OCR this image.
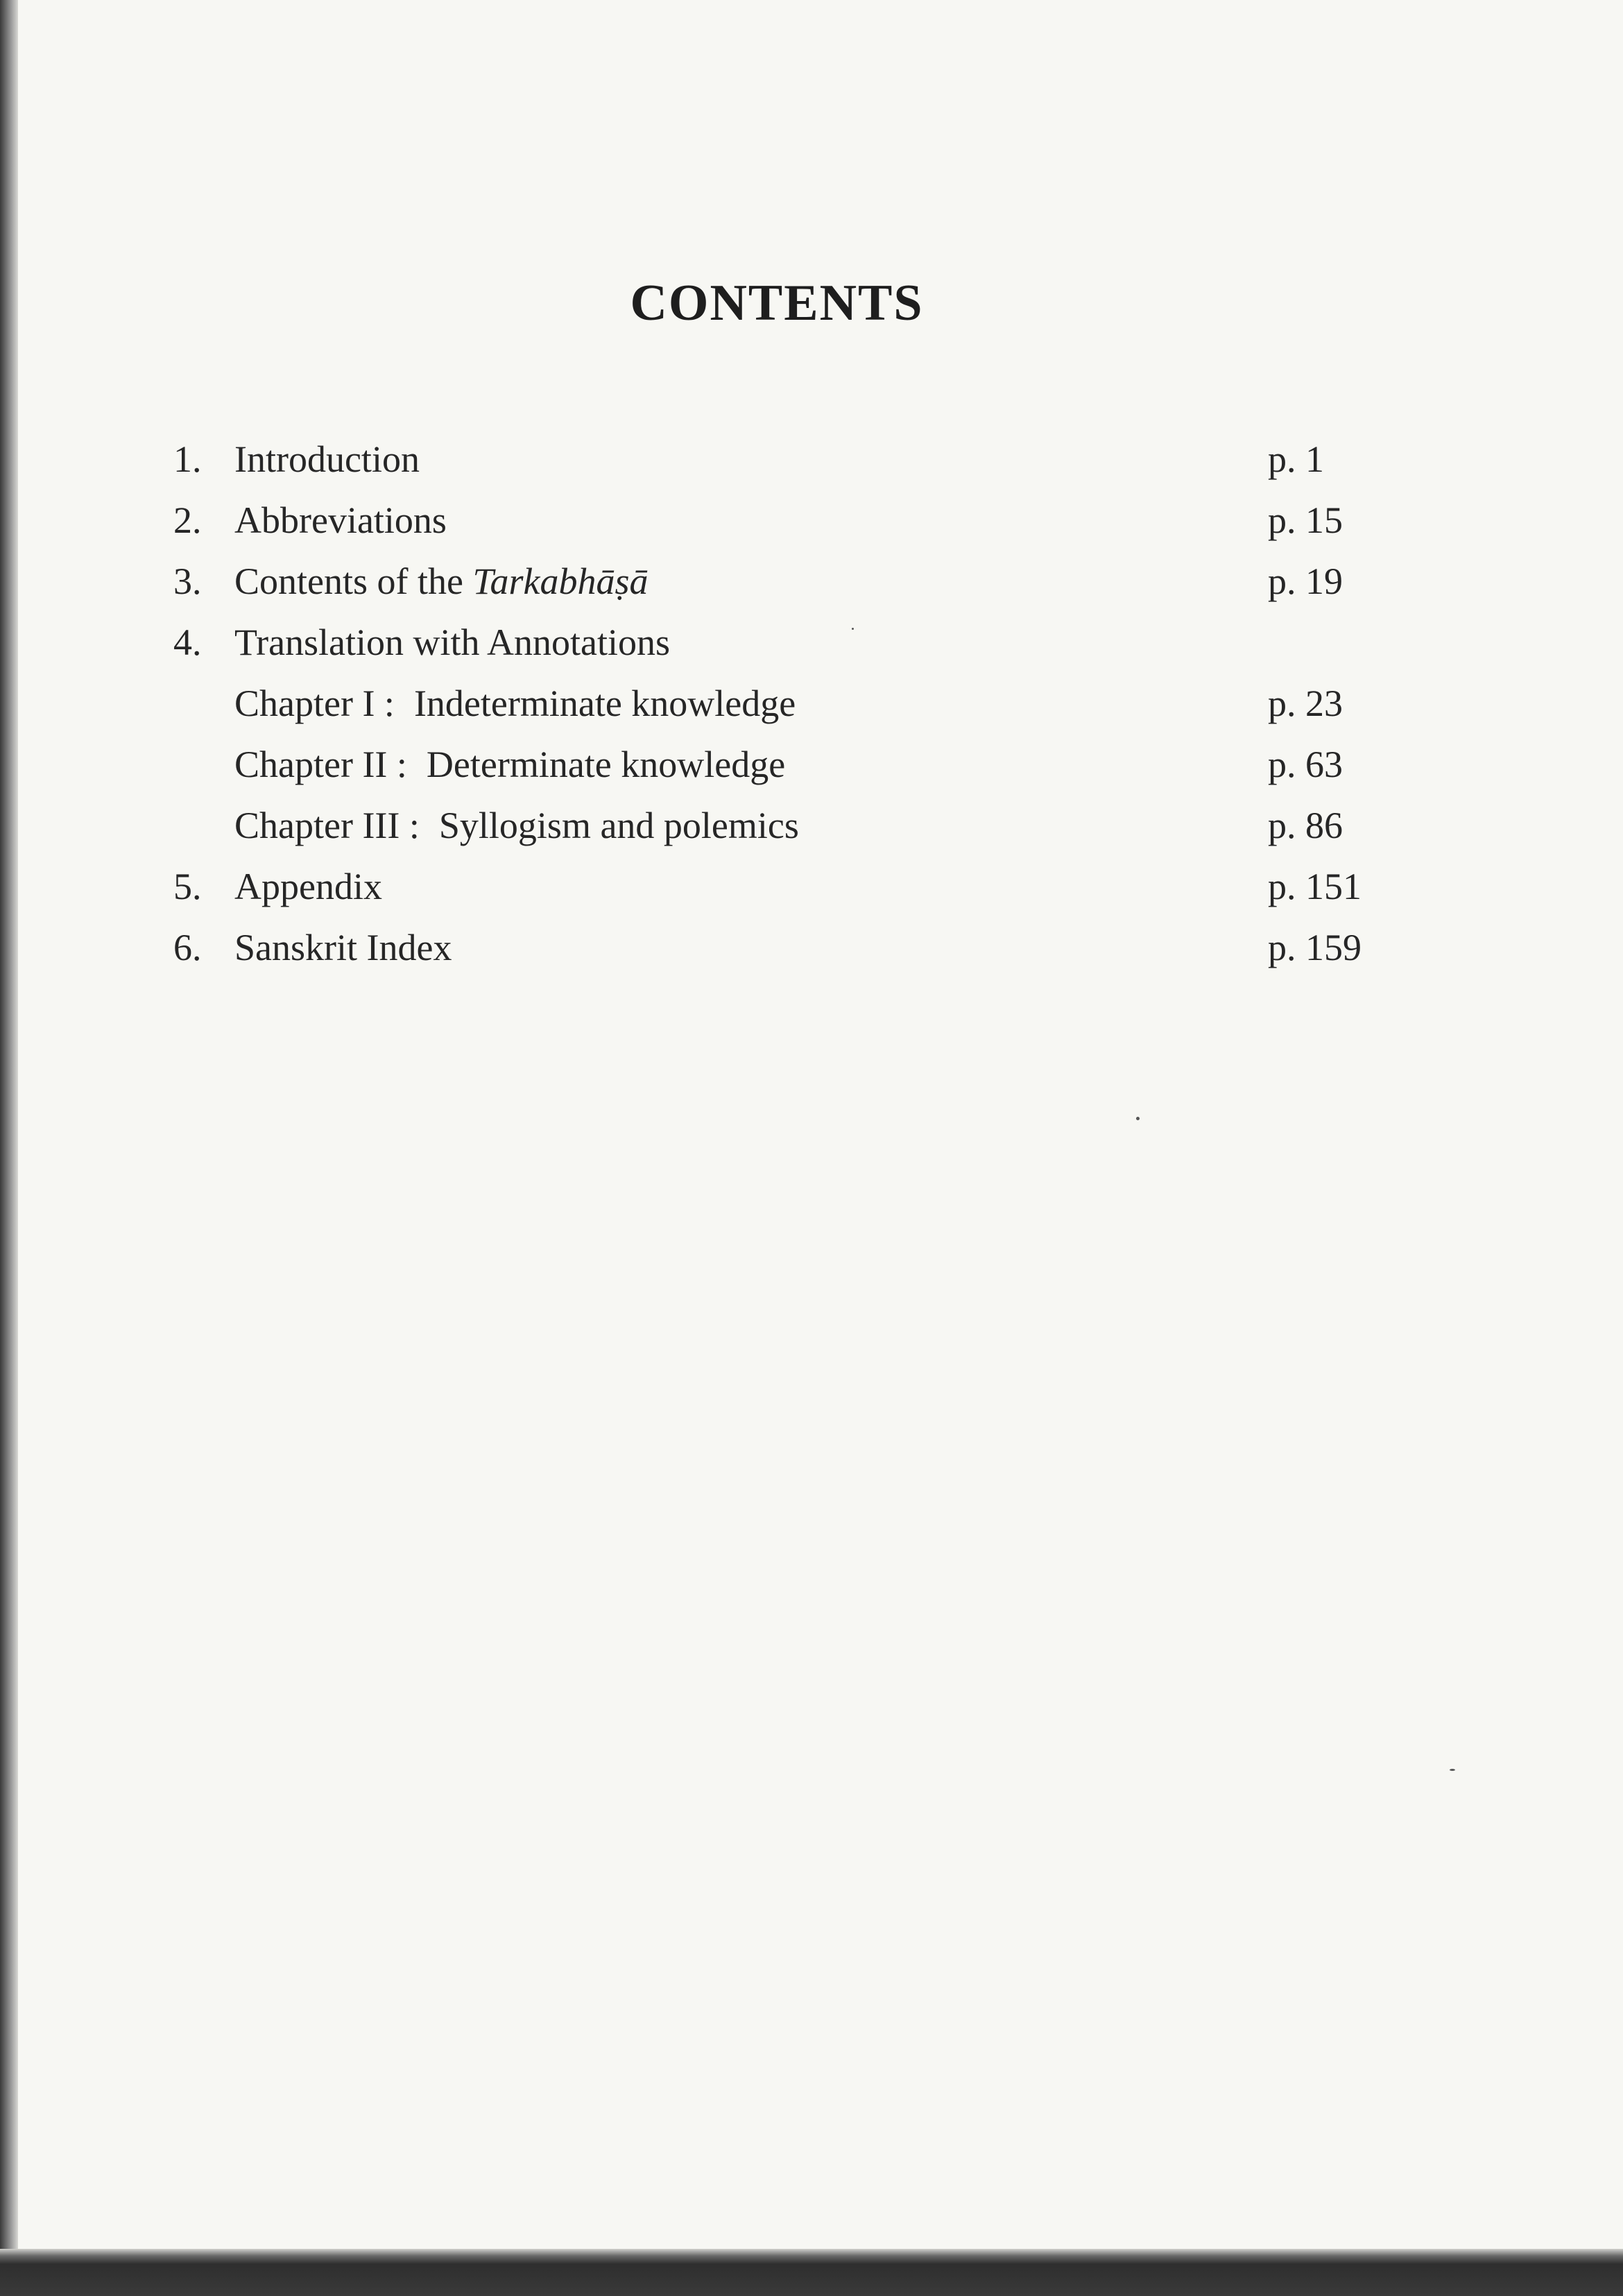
CONTENTS
1. Introduction	p. 1
2. Abbreviations	p. 15
3. Contents of the Tarkabhāṣā	p. 19
4. Translation with Annotations
Chapter I : Indeterminate knowledge	p. 23
Chapter II : Determinate knowledge	p. 63
Chapter III : Syllogism and polemics	p. 86
5. Appendix	p. 151
6. Sanskrit Index	p. 159
